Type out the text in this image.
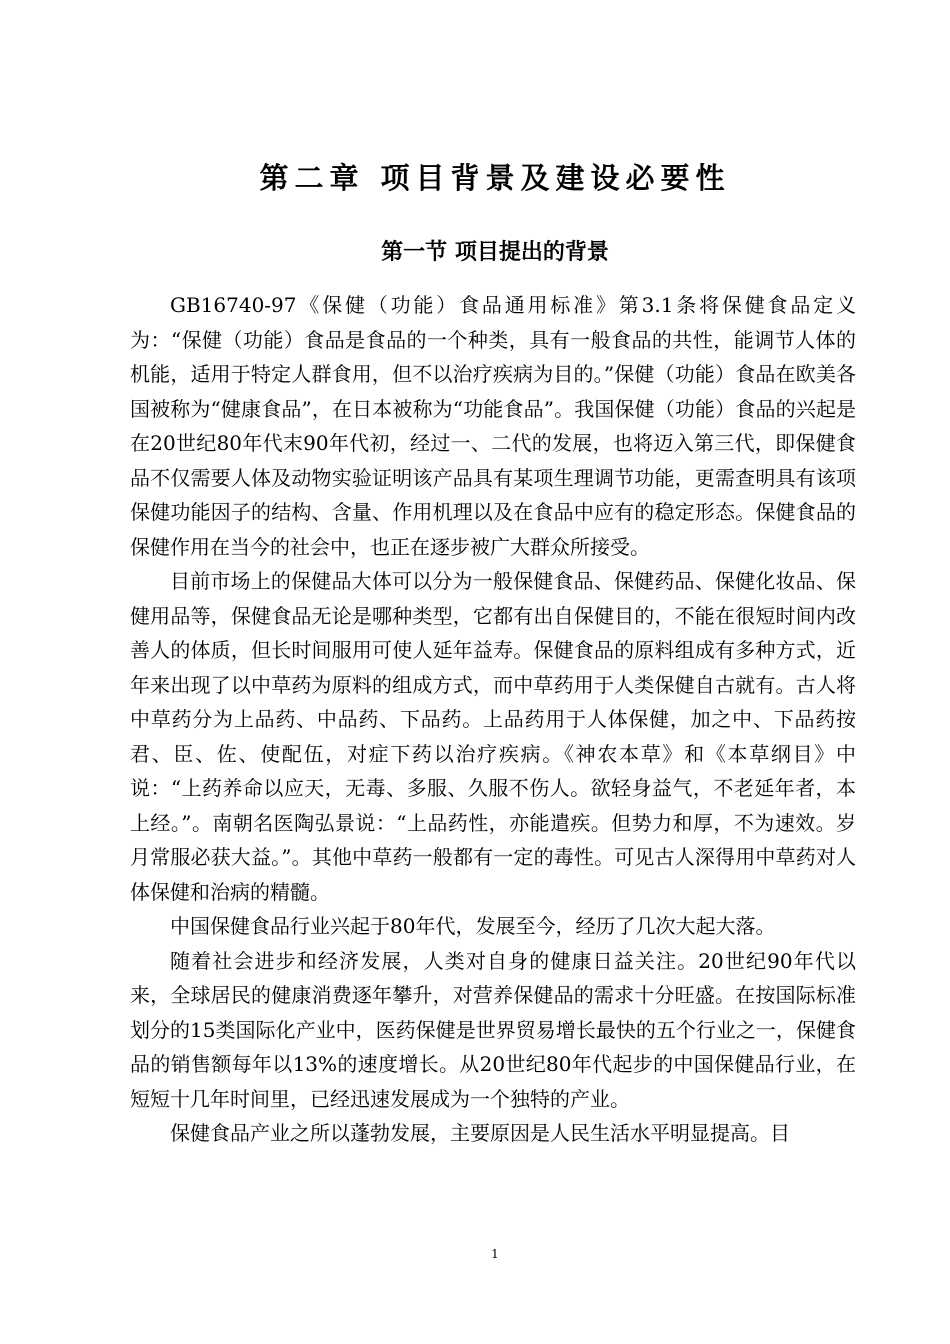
第二章 项目背景及建设必要性
第一节 项目提出的背景

GB16740-97《保健（功能）食品通用标准》第3.1条将保健食品定义为：“保健（功能）食品是食品的一个种类，具有一般食品的共性，能调节人体的机能，适用于特定人群食用，但不以治疗疾病为目的。”保健（功能）食品在欧美各国被称为“健康食品”，在日本被称为“功能食品”。我国保健（功能）食品的兴起是在20世纪80年代末90年代初，经过一、二代的发展，也将迈入第三代，即保健食品不仅需要人体及动物实验证明该产品具有某项生理调节功能，更需查明具有该项保健功能因子的结构、含量、作用机理以及在食品中应有的稳定形态。保健食品的保健作用在当今的社会中，也正在逐步被广大群众所接受。

目前市场上的保健品大体可以分为一般保健食品、保健药品、保健化妆品、保健用品等，保健食品无论是哪种类型，它都有出自保健目的，不能在很短时间内改善人的体质，但长时间服用可使人延年益寿。保健食品的原料组成有多种方式，近年来出现了以中草药为原料的组成方式，而中草药用于人类保健自古就有。古人将中草药分为上品药、中品药、下品药。上品药用于人体保健，加之中、下品药按君、臣、佐、使配伍，对症下药以治疗疾病。《神农本草》和《本草纲目》中说：“上药养命以应天，无毒、多服、久服不伤人。欲轻身益气，不老延年者，本上经。”。南朝名医陶弘景说：“上品药性，亦能遣疾。但势力和厚，不为速效。岁月常服必获大益。”。其他中草药一般都有一定的毒性。可见古人深得用中草药对人体保健和治病的精髓。

中国保健食品行业兴起于80年代，发展至今，经历了几次大起大落。

随着社会进步和经济发展，人类对自身的健康日益关注。20世纪90年代以来，全球居民的健康消费逐年攀升，对营养保健品的需求十分旺盛。在按国际标准划分的15类国际化产业中，医药保健是世界贸易增长最快的五个行业之一，保健食品的销售额每年以13%的速度增长。从20世纪80年代起步的中国保健品行业，在短短十几年时间里，已经迅速发展成为一个独特的产业。

保健食品产业之所以蓬勃发展，主要原因是人民生活水平明显提高。目

1
